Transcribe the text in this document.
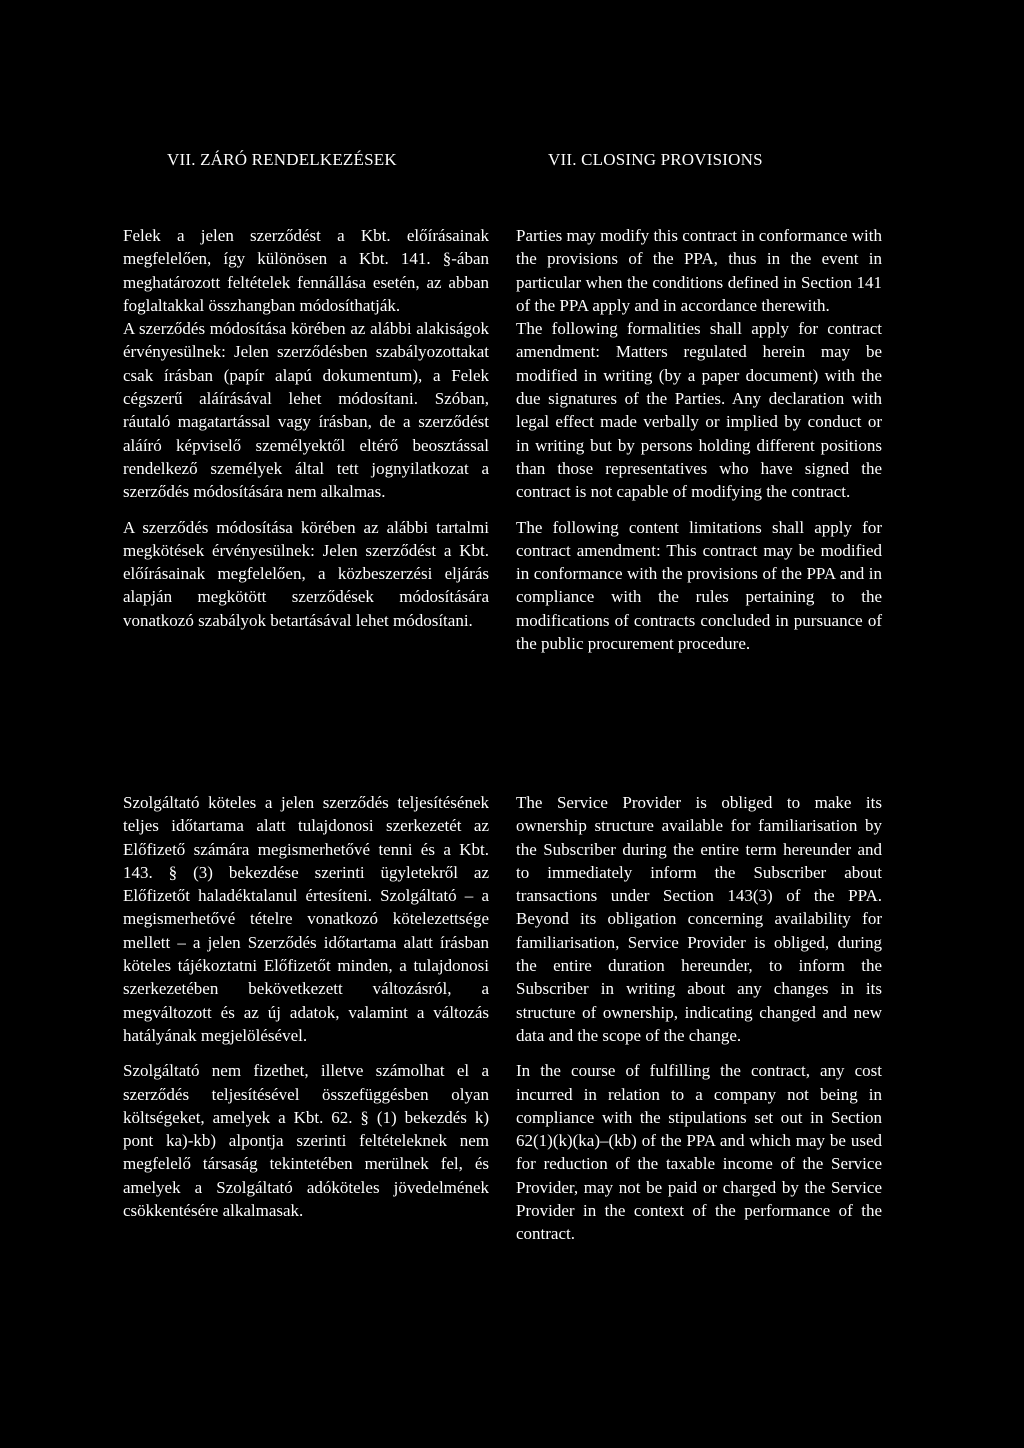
VII. ZÁRÓ RENDELKEZÉSEK	VII. CLOSING PROVISIONS

Felek a jelen szerződést a Kbt. előírásainak megfelelően, így különösen a Kbt. 141. §-ában meghatározott feltételek fennállása esetén, az abban foglaltakkal összhangban módosíthatják.

A szerződés módosítása körében az alábbi alakiságok érvényesülnek: Jelen szerződésben szabályozottakat csak írásban (papír alapú dokumentum), a Felek cégszerű aláírásával lehet módosítani. Szóban, ráutaló magatartással vagy írásban, de a szerződést aláíró képviselő személyektől eltérő beosztással rendelkező személyek által tett jognyilatkozat a szerződés módosítására nem alkalmas.

A szerződés módosítása körében az alábbi tartalmi megkötések érvényesülnek: Jelen szerződést a Kbt. előírásainak megfelelően, a közbeszerzési eljárás alapján megkötött szerződések módosítására vonatkozó szabályok betartásával lehet módosítani.

Parties may modify this contract in conformance with the provisions of the PPA, thus in the event in particular when the conditions defined in Section 141 of the PPA apply and in accordance therewith.

The following formalities shall apply for contract amendment: Matters regulated herein may be modified in writing (by a paper document) with the due signatures of the Parties. Any declaration with legal effect made verbally or implied by conduct or in writing but by persons holding different positions than those representatives who have signed the contract is not capable of modifying the contract.

The following content limitations shall apply for contract amendment: This contract may be modified in conformance with the provisions of the PPA and in compliance with the rules pertaining to the modifications of contracts concluded in pursuance of the public procurement procedure.

Szolgáltató köteles a jelen szerződés teljesítésének teljes időtartama alatt tulajdonosi szerkezetét az Előfizető számára megismerhetővé tenni és a Kbt. 143. § (3) bekezdése szerinti ügyletekről az Előfizetőt haladéktalanul értesíteni. Szolgáltató – a megismerhetővé tételre vonatkozó kötelezettsége mellett – a jelen Szerződés időtartama alatt írásban köteles tájékoztatni Előfizetőt minden, a tulajdonosi szerkezetében bekövetkezett változásról, a megváltozott és az új adatok, valamint a változás hatályának megjelölésével.

Szolgáltató nem fizethet, illetve számolhat el a szerződés teljesítésével összefüggésben olyan költségeket, amelyek a Kbt. 62. § (1) bekezdés k) pont ka)-kb) alpontja szerinti feltételeknek nem megfelelő társaság tekintetében merülnek fel, és amelyek a Szolgáltató adóköteles jövedelmének csökkentésére alkalmasak.

The Service Provider is obliged to make its ownership structure available for familiarisation by the Subscriber during the entire term hereunder and to immediately inform the Subscriber about transactions under Section 143(3) of the PPA. Beyond its obligation concerning availability for familiarisation, Service Provider is obliged, during the entire duration hereunder, to inform the Subscriber in writing about any changes in its structure of ownership, indicating changed and new data and the scope of the change.

In the course of fulfilling the contract, any cost incurred in relation to a company not being in compliance with the stipulations set out in Section 62(1)(k)(ka)–(kb) of the PPA and which may be used for reduction of the taxable income of the Service Provider, may not be paid or charged by the Service Provider in the context of the performance of the contract.
